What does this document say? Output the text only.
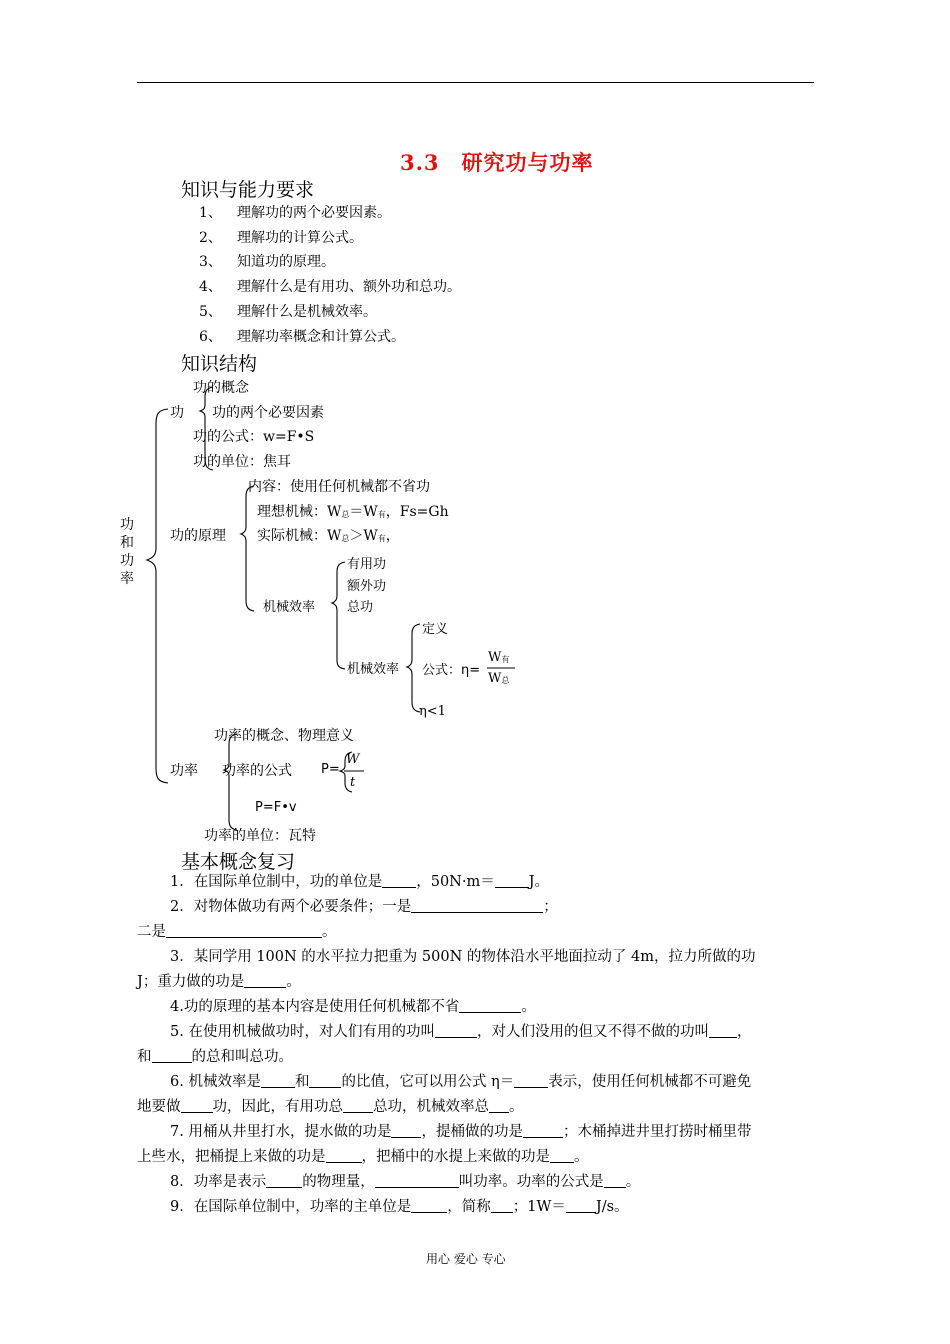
3.3　研究功与功率
知识与能力要求
1、 理解功的两个必要因素。
2、 理解功的计算公式。
3、 知道功的原理。
4、 理解什么是有用功、额外功和总功。
5、 理解什么是机械效率。
6、 理解功率概念和计算公式。
知识结构
功和功率
功
功的概念
功的两个必要因素
功的公式：w=F•S
功的单位：焦耳
功的原理
内容：使用任何机械都不省功
理想机械：W总＝W有，Fs=Gh
实际机械：W总＞W有，
机械效率
有用功
额外功
总功
机械效率
定义
公式：η=
W有
W总
η<1
功率
功率的概念、物理意义
功率的公式 P=
W
t
P=F•v
功率的单位：瓦特
基本概念复习
1．在国际单位制中，功的单位是 ，50N·m＝ J。
2．对物体做功有两个必要条件；一是	；
二是	。
3．某同学用 100N 的水平拉力把重为 500N 的物体沿水平地面拉动了 4m，拉力所做的功
J；重力做的功是	。
4.功的原理的基本内容是使用任何机械都不省	。
5. 在使用机械做功时，对人们有用的功叫	，对人们没用的但又不得不做的功叫 ，
和	的总和叫总功。
6. 机械效率是 和 的比值，它可以用公式 η＝ 表示，使用任何机械都不可避免
地要做 功，因此，有用功总 总功，机械效率总 。
7. 用桶从井里打水，提水做的功是 ，提桶做的功是	；木桶掉进井里打捞时桶里带
上些水，把桶提上来做的功是 ，把桶中的水提上来做的功是 。
8．功率是表示 的物理量，	叫功率。功率的公式是 。
9．在国际单位制中，功率的主单位是 ，简称 ；1W＝ J/s。
用心 爱心 专心
